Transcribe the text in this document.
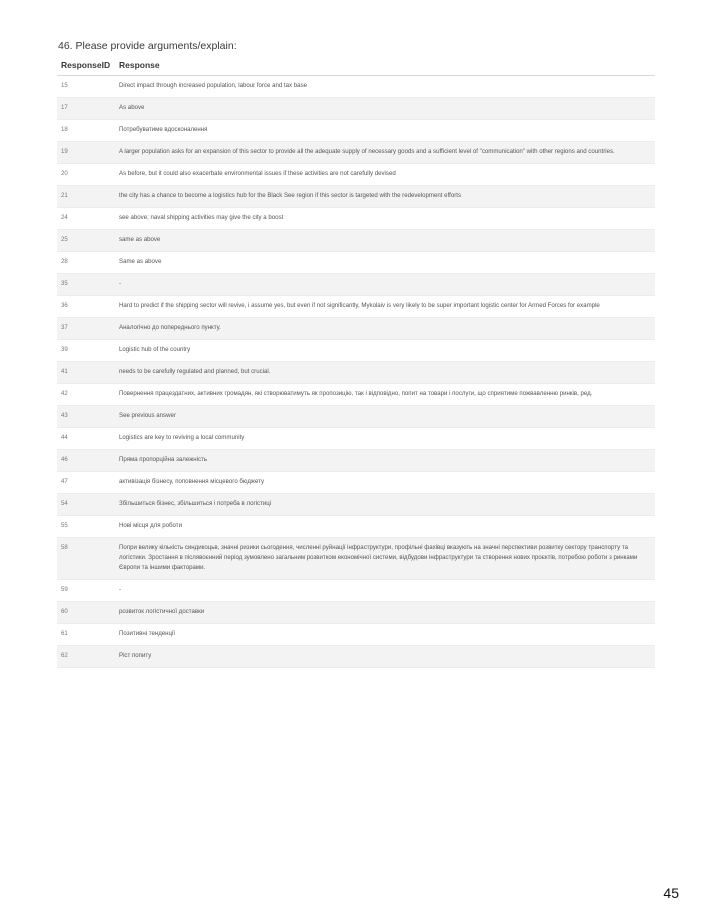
46. Please provide arguments/explain:
ResponseID	Response
15	Direct impact through increased population, labour force and tax base
17	As above
18	Потребуватиме вдосконалення
19	A larger population asks for an expansion of this sector to provide all the adequate supply of necessary goods and a sufficient level of "communication" with other regions and countries.
20	As before, but it could also exacerbate environmental issues if these activities are not carefully devised
21	the city has a chance to become a logistics hub for the Black See region if this sector is targeted with the redevelopment efforts
24	see above; naval shipping activities may give the city a boost
25	same as above
28	Same as above
35	-
36	Hard to predict if the shipping sector will revive, i assume yes, but even if not significantly, Mykolaiv is very likely to be super important logistic center for Armed Forces for example
37	Аналогічно до попереднього пункту.
39	Logistic hub of the country
41	needs to be carefully regulated and planned, but crucial.
42	Повернення працездатних, активних громадян, які створюватимуть як пропозицію, так і відповідно, попит на товари і послуги, що сприятиме пожвавленню ринків, ред.
43	See previous answer
44	Logistics are key to reviving a local community
46	Пряма пропорційна залежність
47	активізація бізнесу, поповнення місцевого бюджету
54	Збільшиться бізнес, збільшиться і потреба в логістиці
55	Нові місця для роботи
58	Попри велику кількість синдикоцьв, значні ризики сьогодення, численні руйнації інфраструктури, профільні фахівці вказують на значні перспективи розвитку сектору транспорту та логістики. Зростання в післявоєнний період зумовлено загальним розвитком економічної системи, відбудови інфраструктури та створення нових проєктів, потребою роботи з ринками Європи та іншими факторами.
59	-
60	розвиток логістичної доставки
61	Позитивні тенденції
62	Ріст попиту
45
